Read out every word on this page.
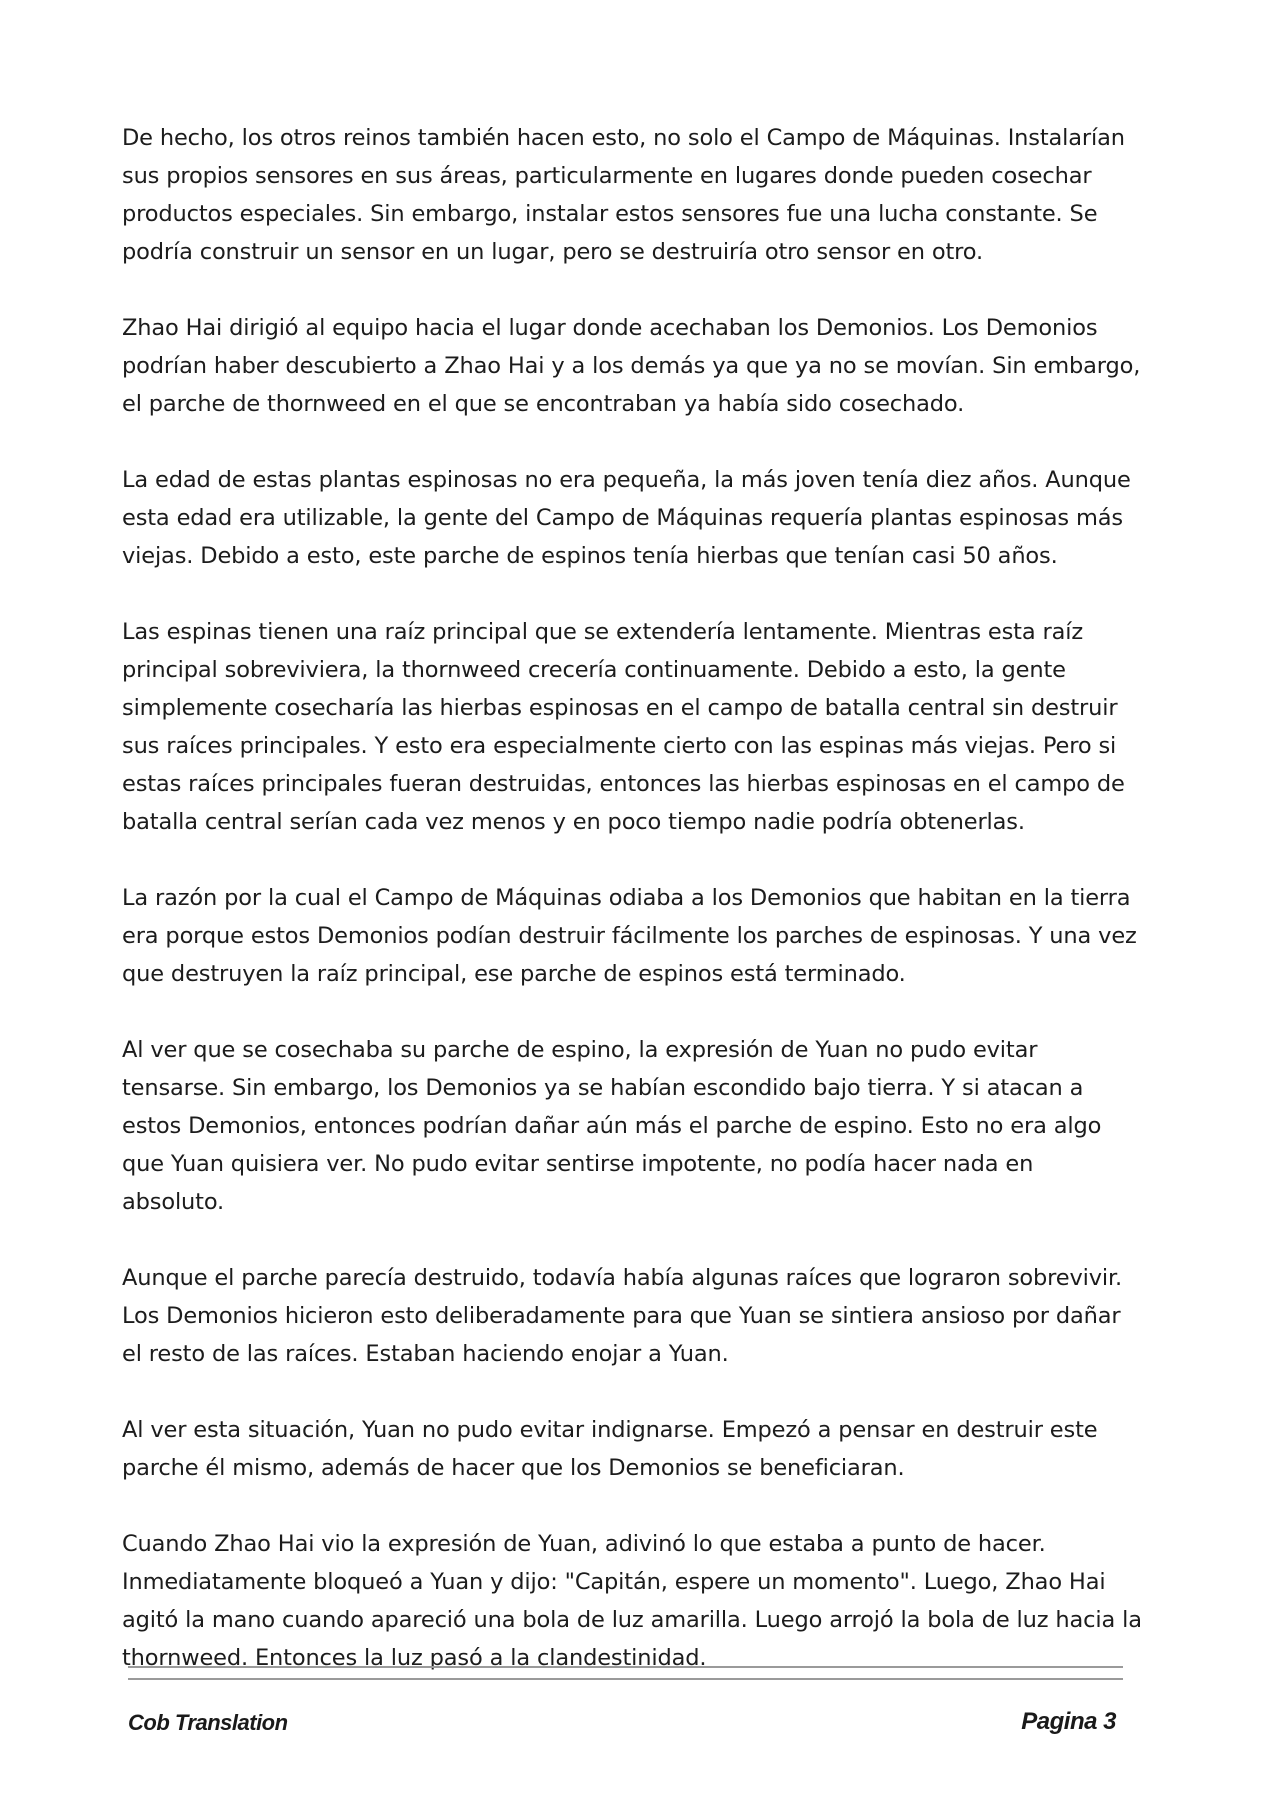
De hecho, los otros reinos también hacen esto, no solo el Campo de Máquinas. Instalarían sus propios sensores en sus áreas, particularmente en lugares donde pueden cosechar productos especiales. Sin embargo, instalar estos sensores fue una lucha constante. Se podría construir un sensor en un lugar, pero se destruiría otro sensor en otro.

Zhao Hai dirigió al equipo hacia el lugar donde acechaban los Demonios. Los Demonios podrían haber descubierto a Zhao Hai y a los demás ya que ya no se movían. Sin embargo, el parche de thornweed en el que se encontraban ya había sido cosechado.

La edad de estas plantas espinosas no era pequeña, la más joven tenía diez años. Aunque esta edad era utilizable, la gente del Campo de Máquinas requería plantas espinosas más viejas. Debido a esto, este parche de espinos tenía hierbas que tenían casi 50 años.

Las espinas tienen una raíz principal que se extendería lentamente. Mientras esta raíz principal sobreviviera, la thornweed crecería continuamente. Debido a esto, la gente simplemente cosecharía las hierbas espinosas en el campo de batalla central sin destruir sus raíces principales. Y esto era especialmente cierto con las espinas más viejas. Pero si estas raíces principales fueran destruidas, entonces las hierbas espinosas en el campo de batalla central serían cada vez menos y en poco tiempo nadie podría obtenerlas.

La razón por la cual el Campo de Máquinas odiaba a los Demonios que habitan en la tierra era porque estos Demonios podían destruir fácilmente los parches de espinosas. Y una vez que destruyen la raíz principal, ese parche de espinos está terminado.

Al ver que se cosechaba su parche de espino, la expresión de Yuan no pudo evitar tensarse. Sin embargo, los Demonios ya se habían escondido bajo tierra. Y si atacan a estos Demonios, entonces podrían dañar aún más el parche de espino. Esto no era algo que Yuan quisiera ver. No pudo evitar sentirse impotente, no podía hacer nada en absoluto.

Aunque el parche parecía destruido, todavía había algunas raíces que lograron sobrevivir. Los Demonios hicieron esto deliberadamente para que Yuan se sintiera ansioso por dañar el resto de las raíces. Estaban haciendo enojar a Yuan.

Al ver esta situación, Yuan no pudo evitar indignarse. Empezó a pensar en destruir este parche él mismo, además de hacer que los Demonios se beneficiaran.

Cuando Zhao Hai vio la expresión de Yuan, adivinó lo que estaba a punto de hacer. Inmediatamente bloqueó a Yuan y dijo: "Capitán, espere un momento". Luego, Zhao Hai agitó la mano cuando apareció una bola de luz amarilla. Luego arrojó la bola de luz hacia la thornweed. Entonces la luz pasó a la clandestinidad.

Cob Translation	Pagina 3
